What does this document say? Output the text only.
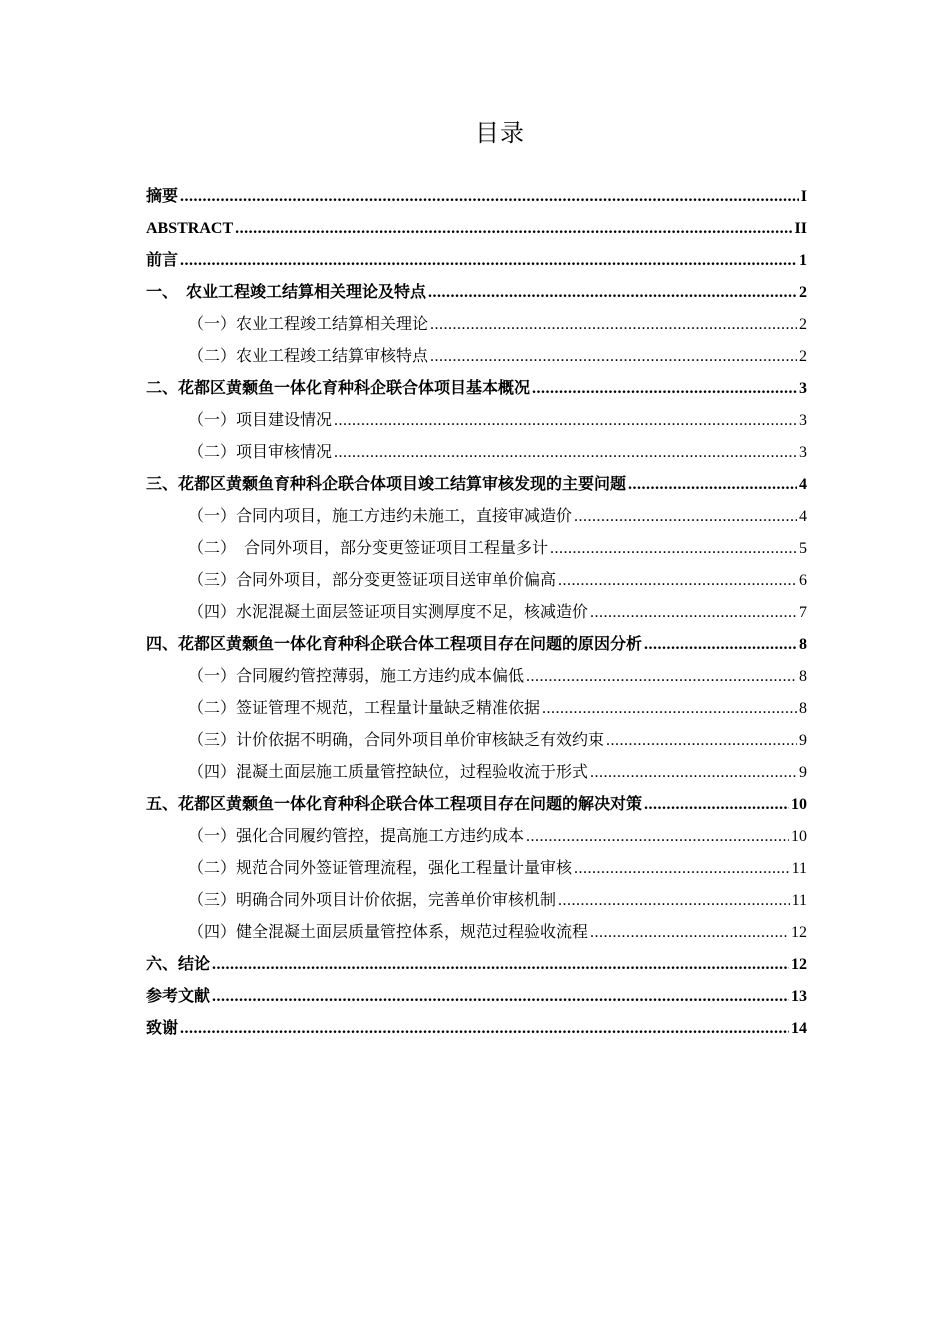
目录
摘要 .....	I
ABSTRACT .....	II
前言 .....	1
一、　农业工程竣工结算相关理论及特点 .....	2
（一）农业工程竣工结算相关理论 .....	2
（二）农业工程竣工结算审核特点 .....	2
二、花都区黄颡鱼一体化育种科企联合体项目基本概况 .....	3
（一）项目建设情况 .....	3
（二）项目审核情况 .....	3
三、花都区黄颡鱼育种科企联合体项目竣工结算审核发现的主要问题 .....	4
（一）合同内项目，施工方违约未施工，直接审减造价 .....	4
（二）　合同外项目，部分变更签证项目工程量多计 .....	5
（三）合同外项目，部分变更签证项目送审单价偏高 .....	6
（四）水泥混凝土面层签证项目实测厚度不足，核减造价 .....	7
四、花都区黄颡鱼一体化育种科企联合体工程项目存在问题的原因分析 .....	8
（一）合同履约管控薄弱，施工方违约成本偏低 .....	8
（二）签证管理不规范，工程量计量缺乏精准依据 .....	8
（三）计价依据不明确，合同外项目单价审核缺乏有效约束 .....	9
（四）混凝土面层施工质量管控缺位，过程验收流于形式 .....	9
五、花都区黄颡鱼一体化育种科企联合体工程项目存在问题的解决对策 .....	10
（一）强化合同履约管控，提高施工方违约成本 .....	10
（二）规范合同外签证管理流程，强化工程量计量审核 .....	11
（三）明确合同外项目计价依据，完善单价审核机制 .....	11
（四）健全混凝土面层质量管控体系，规范过程验收流程 .....	12
六、结论 .....	12
参考文献 .....	13
致谢 .....	14
